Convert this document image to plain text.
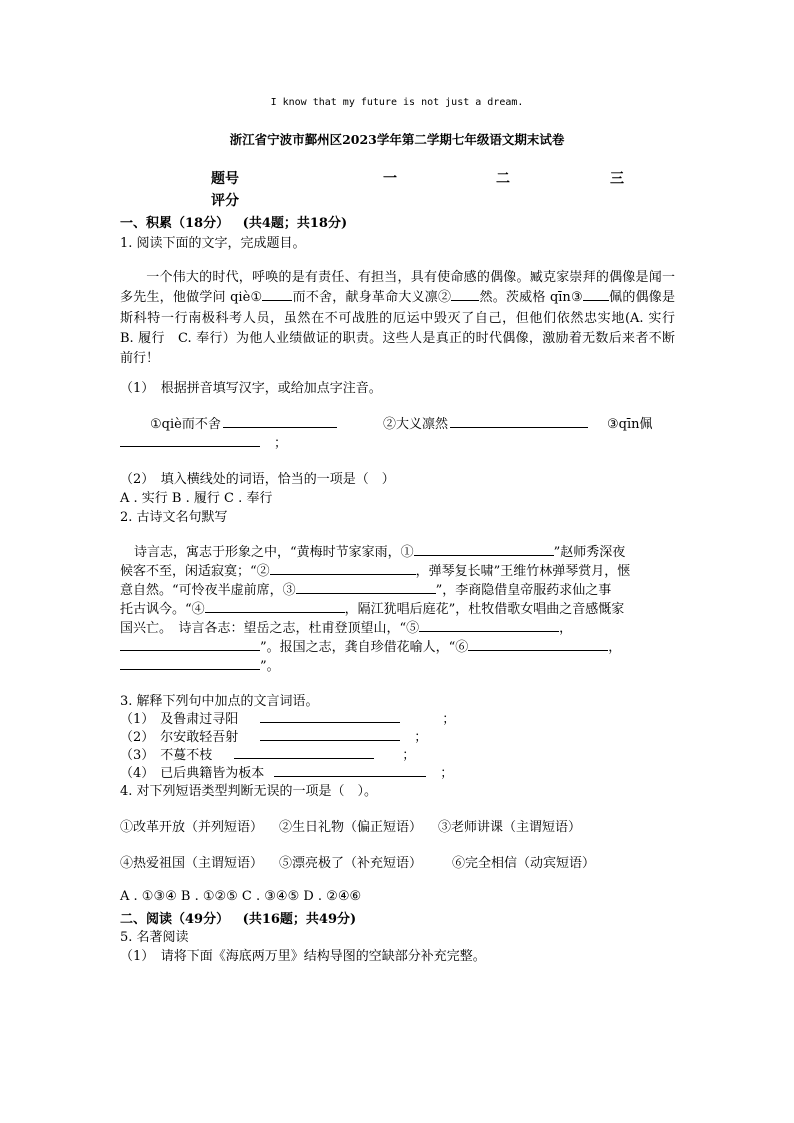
I know that my future is not just a dream.
浙江省宁波市鄞州区2023学年第二学期七年级语文期末试卷
题号	一	二	三
评分
一、积累（18分） (共4题；共18分)
1. 阅读下面的文字，完成题目。
一个伟大的时代，呼唤的是有责任、有担当，具有使命感的偶像。臧克家崇拜的偶像是闻一多先生，他做学问 qiè① 而不舍，献身革命大义凛② 然。茨威格 qīn③ 佩的偶像是斯科特一行南极科考人员，虽然在不可战胜的厄运中毁灭了自己，但他们依然忠实地(A. 实行　B. 履行　C. 奉行）为他人业绩做证的职责。这些人是真正的时代偶像，激励着无数后来者不断前行！
（1）　根据拼音填写汉字，或给加点字注音。
①qiè而不舍	②大义凛然	③qīn佩
；
（2）　填入横线处的词语，恰当的一项是（　）
A . 实行 B . 履行 C . 奉行
2. 古诗文名句默写
诗言志，寓志于形象之中，“黄梅时节家家雨，①	”赵师秀深夜
候客不至，闲适寂寞；“②	，弹琴复长啸”王维竹林弹琴赏月，惬
意自然。“可怜夜半虚前席，③	”，李商隐借皇帝服药求仙之事
托古讽今。“④	，隔江犹唱后庭花”，杜牧借歌女唱曲之音感慨家
国兴亡。　诗言各志：望岳之志，杜甫登顶望山，“⑤	，
”。报国之志，龚自珍借花喻人，“⑥	，
”。
3. 解释下列句中加点的文言词语。
（1） 及鲁肃过寻阳	；
（2） 尔安敢轻吾射	；
（3） 不蔓不枝	；
（4） 已后典籍皆为板本	；
4. 对下列短语类型判断无误的一项是（　）。
①改革开放（并列短语） ②生日礼物（偏正短语） ③老师讲课（主谓短语）
④热爱祖国（主谓短语） ⑤漂亮极了（补充短语） ⑥完全相信（动宾短语）
A . ①③④ B . ①②⑤ C . ③④⑤ D . ②④⑥
二、阅读（49分） (共16题；共49分)
5. 名著阅读
（1）　请将下面《海底两万里》结构导图的空缺部分补充完整。
